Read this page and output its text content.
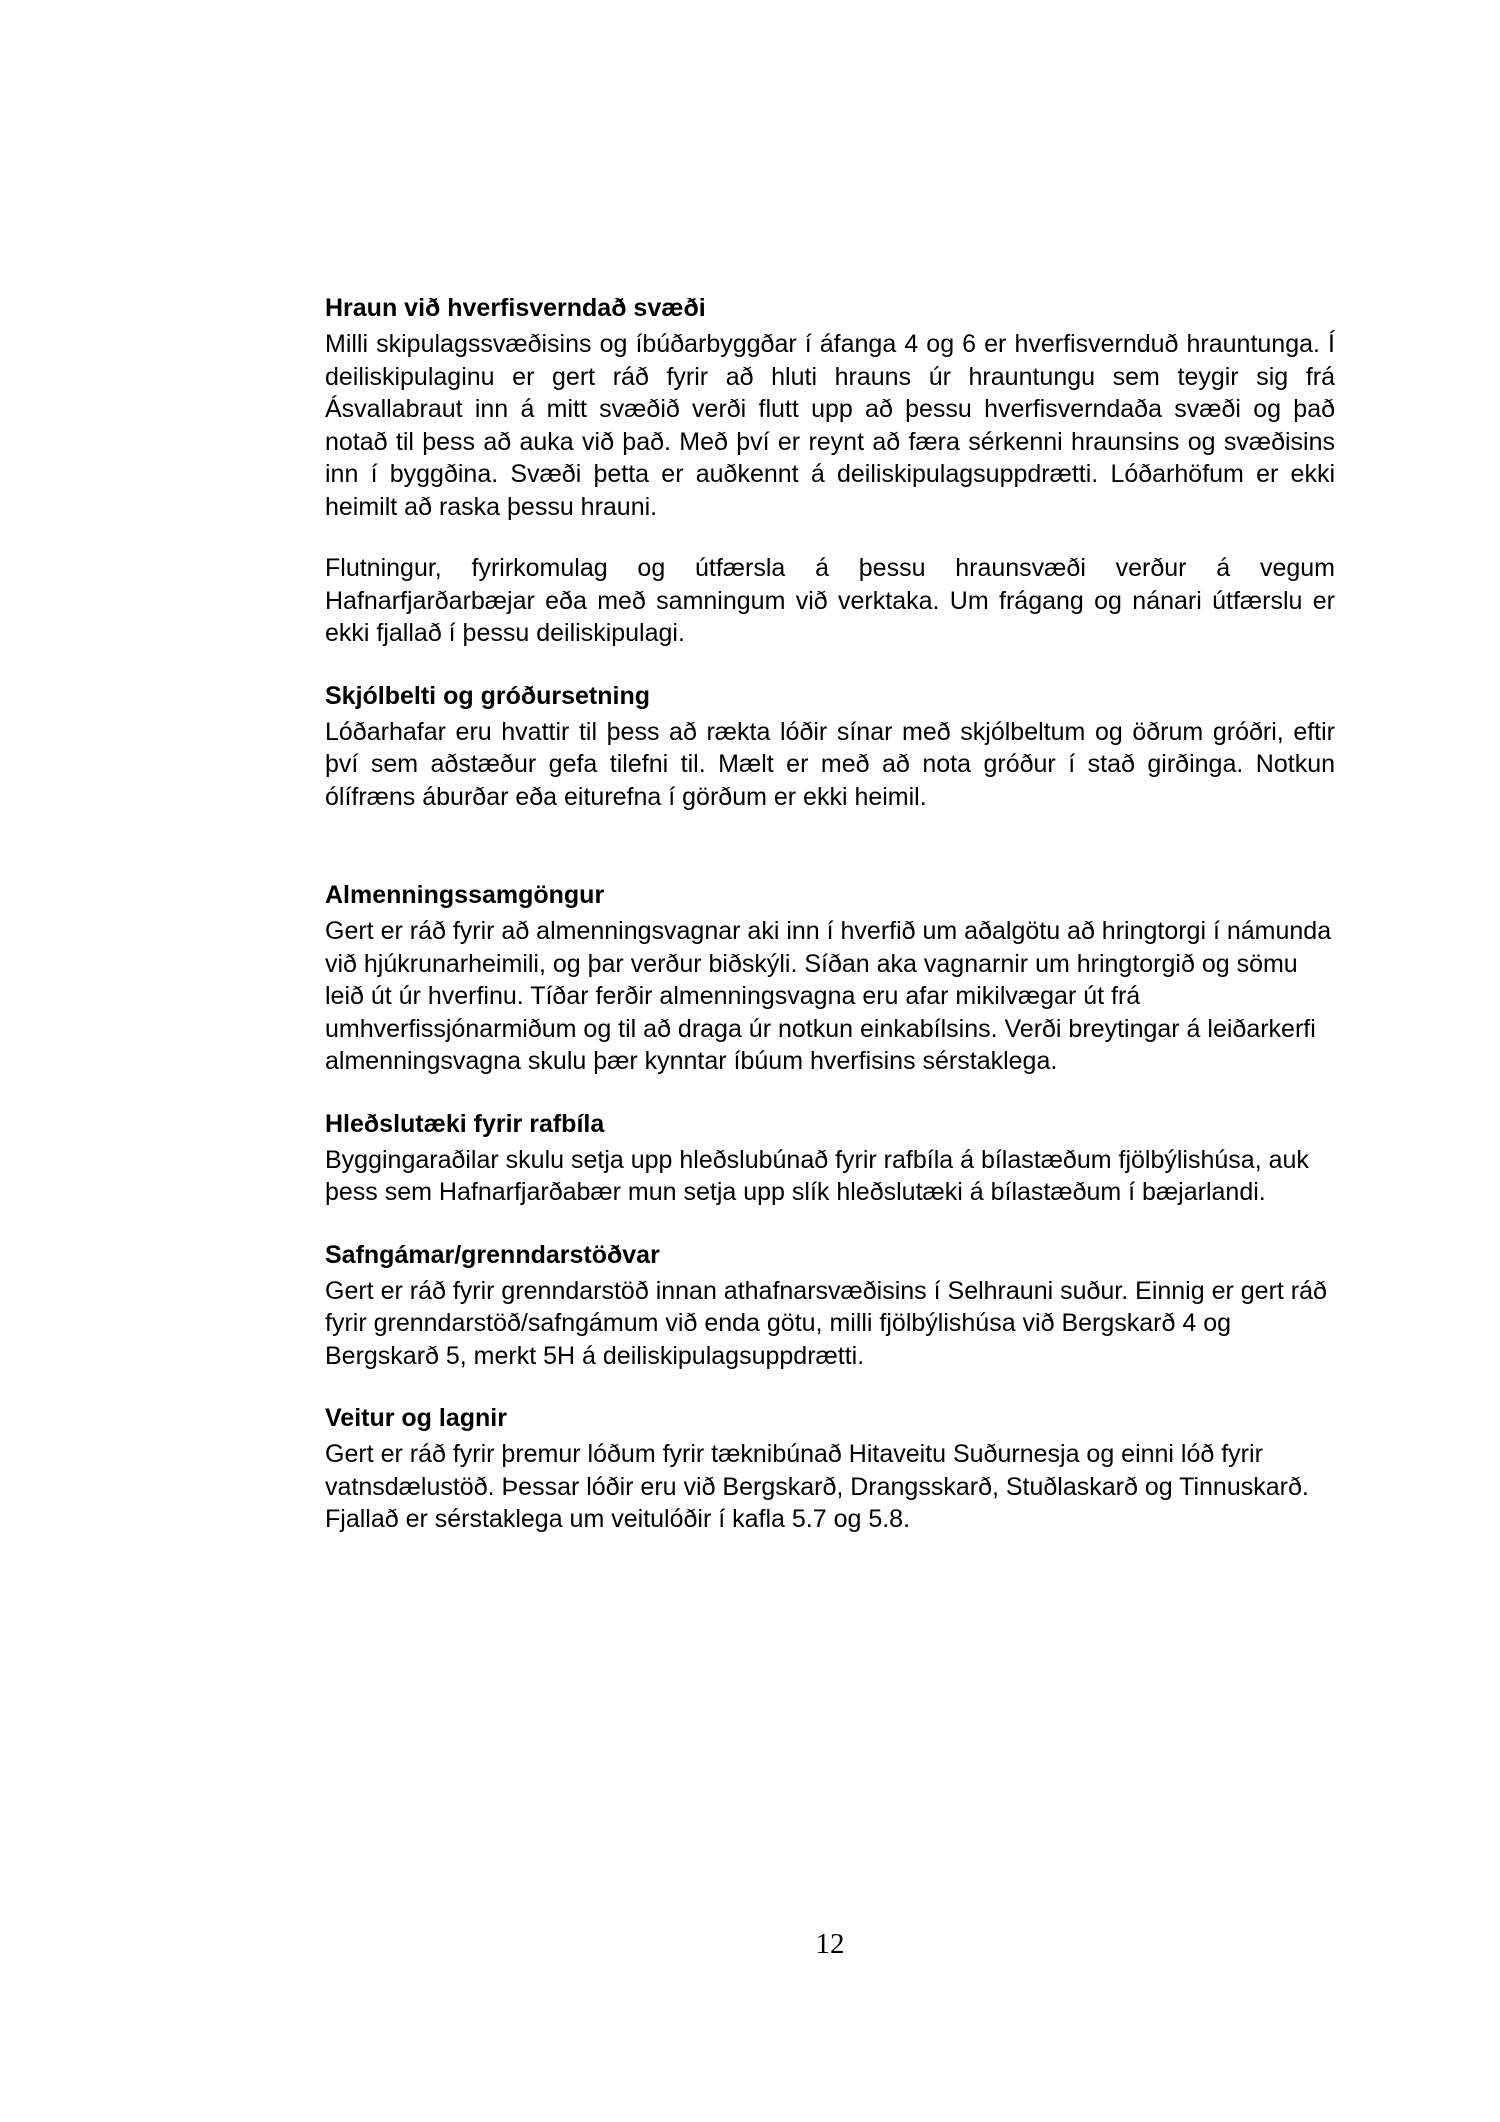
Hraun við hverfisverndað svæði

Milli skipulagssvæðisins og íbúðarbyggðar í áfanga 4 og 6 er hverfisvernduð hrauntunga. Í deiliskipulaginu er gert ráð fyrir að hluti hrauns úr hrauntungu sem teygir sig frá Ásvallabraut inn á mitt svæðið verði flutt upp að þessu hverfisverndaða svæði og það notað til þess að auka við það. Með því er reynt að færa sérkenni hraunsins og svæðisins inn í byggðina. Svæði þetta er auðkennt á deiliskipulagsuppdrætti. Lóðarhöfum er ekki heimilt að raska þessu hrauni.

Flutningur, fyrirkomulag og útfærsla á þessu hraunsvæði verður á vegum Hafnarfjarðarbæjar eða með samningum við verktaka. Um frágang og nánari útfærslu er ekki fjallað í þessu deiliskipulagi.

Skjólbelti og gróðursetning

Lóðarhafar eru hvattir til þess að rækta lóðir sínar með skjólbeltum og öðrum gróðri, eftir því sem aðstæður gefa tilefni til. Mælt er með að nota gróður í stað girðinga. Notkun ólífræns áburðar eða eiturefna í görðum er ekki heimil.

Almenningssamgöngur

Gert er ráð fyrir að almenningsvagnar aki inn í hverfið um aðalgötu að hringtorgi í námunda við hjúkrunarheimili, og þar verður biðskýli. Síðan aka vagnarnir um hringtorgið og sömu leið út úr hverfinu. Tíðar ferðir almenningsvagna eru afar mikilvægar út frá umhverfissjónarmiðum og til að draga úr notkun einkabílsins. Verði breytingar á leiðarkerfi almenningsvagna skulu þær kynntar íbúum hverfisins sérstaklega.

Hleðslutæki fyrir rafbíla

Byggingaraðilar skulu setja upp hleðslubúnað fyrir rafbíla á bílastæðum fjölbýlishúsa, auk þess sem Hafnarfjarðabær mun setja upp slík hleðslutæki á bílastæðum í bæjarlandi.

Safngámar/grenndarstöðvar

Gert er ráð fyrir grenndarstöð innan athafnarsvæðisins í Selhrauni suður. Einnig er gert ráð fyrir grenndarstöð/safngámum við enda götu, milli fjölbýlishúsa við Bergskarð 4 og Bergskarð 5, merkt 5H á deiliskipulagsuppdrætti.

Veitur og lagnir

Gert er ráð fyrir þremur lóðum fyrir tæknibúnað Hitaveitu Suðurnesja og einni lóð fyrir vatnsdælustöð. Þessar lóðir eru við Bergskarð, Drangsskarð, Stuðlaskarð og Tinnuskarð. Fjallað er sérstaklega um veitulóðir í kafla 5.7 og 5.8.

12
